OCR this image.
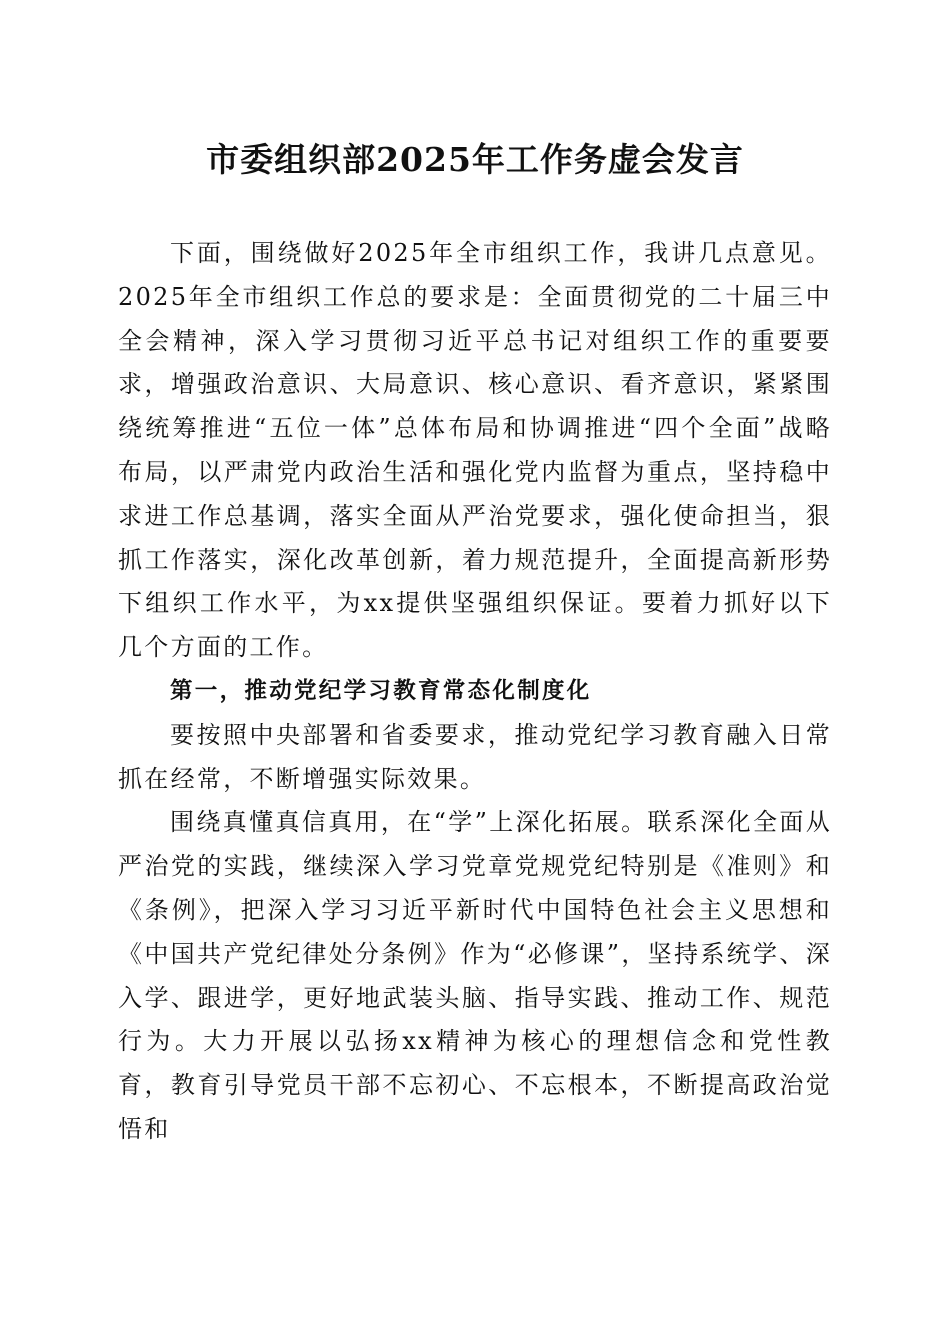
市委组织部2025年工作务虚会发言

下面，围绕做好2025年全市组织工作，我讲几点意见。2025年全市组织工作总的要求是：全面贯彻党的二十届三中全会精神，深入学习贯彻习近平总书记对组织工作的重要要求，增强政治意识、大局意识、核心意识、看齐意识，紧紧围绕统筹推进“五位一体”总体布局和协调推进“四个全面”战略布局，以严肃党内政治生活和强化党内监督为重点，坚持稳中求进工作总基调，落实全面从严治党要求，强化使命担当，狠抓工作落实，深化改革创新，着力规范提升，全面提高新形势下组织工作水平，为xx提供坚强组织保证。要着力抓好以下几个方面的工作。

第一，推动党纪学习教育常态化制度化

要按照中央部署和省委要求，推动党纪学习教育融入日常抓在经常，不断增强实际效果。

围绕真懂真信真用，在“学”上深化拓展。联系深化全面从严治党的实践，继续深入学习党章党规党纪特别是《准则》和《条例》，把深入学习习近平新时代中国特色社会主义思想和《中国共产党纪律处分条例》作为“必修课”，坚持系统学、深入学、跟进学，更好地武装头脑、指导实践、推动工作、规范行为。大力开展以弘扬xx精神为核心的理想信念和党性教育，教育引导党员干部不忘初心、不忘根本，不断提高政治觉悟和
